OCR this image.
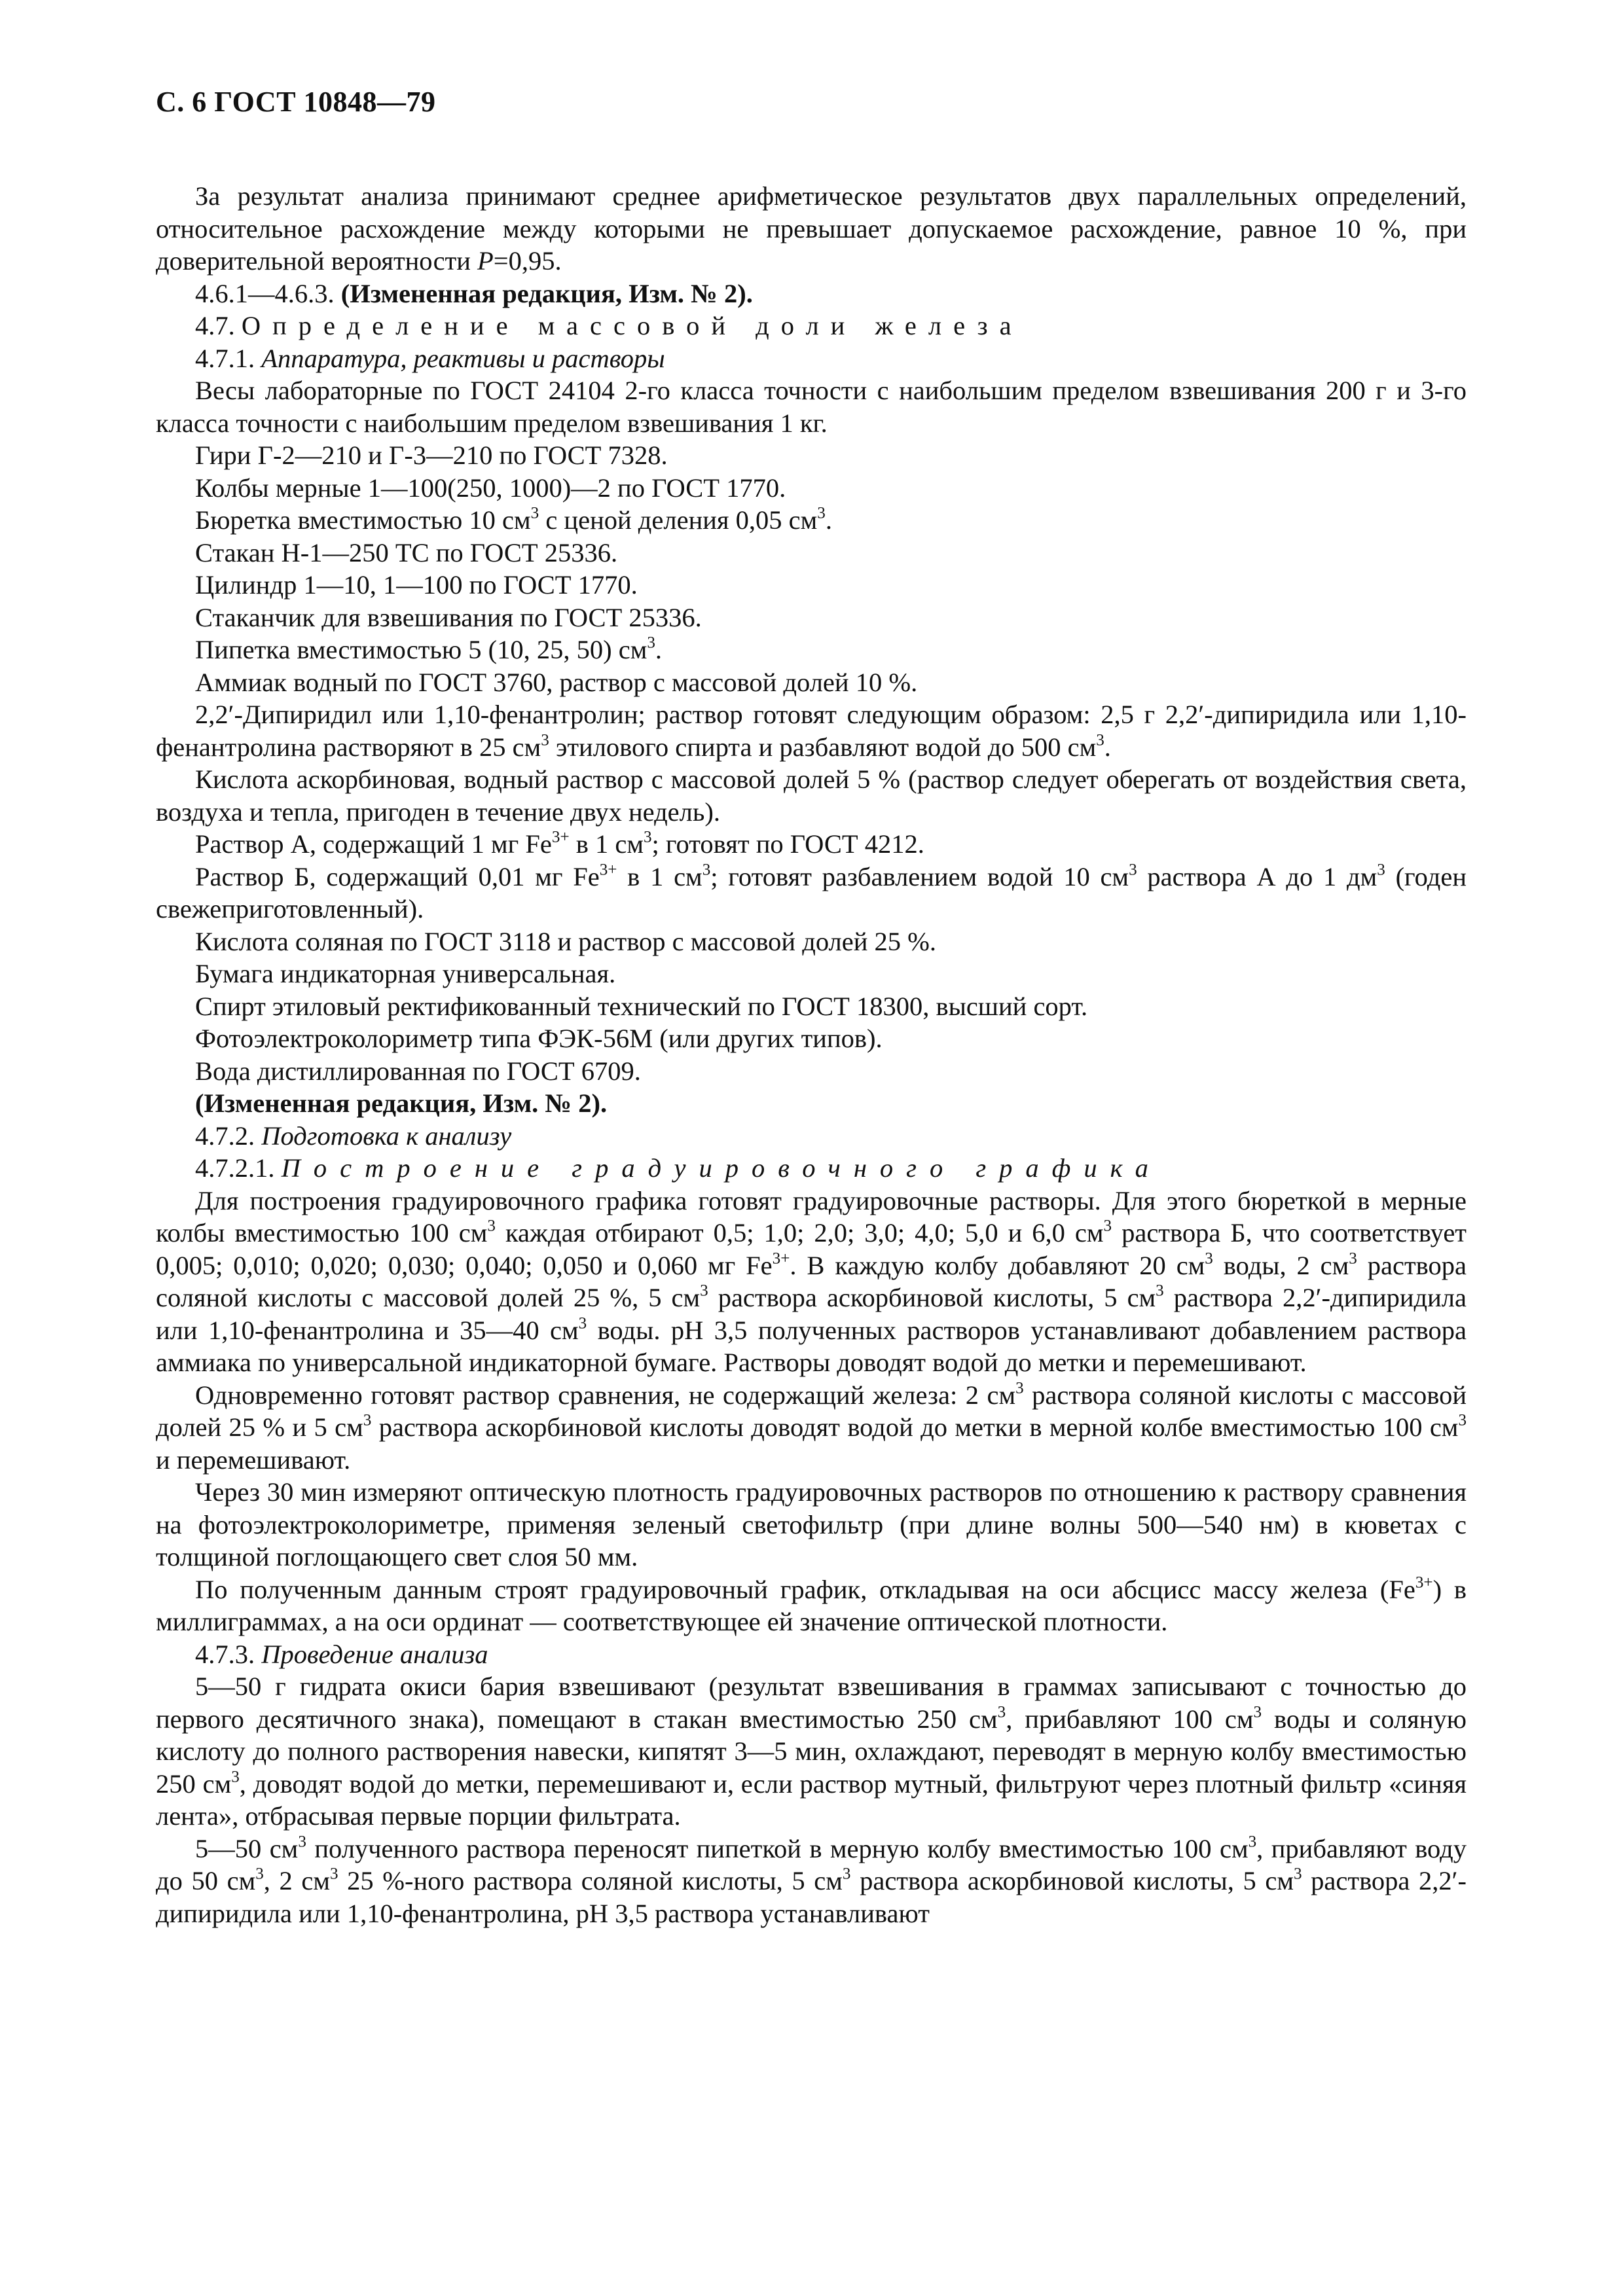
С. 6 ГОСТ 10848—79

За результат анализа принимают среднее арифметическое результатов двух параллельных определений, относительное расхождение между которыми не превышает допускаемое расхождение, равное 10 %, при доверительной вероятности P=0,95.

4.6.1—4.6.3. (Измененная редакция, Изм. № 2).

4.7. Определение массовой доли железа

4.7.1. Аппаратура, реактивы и растворы

Весы лабораторные по ГОСТ 24104 2-го класса точности с наибольшим пределом взвешивания 200 г и 3-го класса точности с наибольшим пределом взвешивания 1 кг.

Гири Г-2—210 и Г-3—210 по ГОСТ 7328.

Колбы мерные 1—100(250, 1000)—2 по ГОСТ 1770.

Бюретка вместимостью 10 $см^3$ с ценой деления 0,05 $см^3$.

Стакан Н-1—250 ТС по ГОСТ 25336.

Цилиндр 1—10, 1—100 по ГОСТ 1770.

Стаканчик для взвешивания по ГОСТ 25336.

Пипетка вместимостью 5 (10, 25, 50) $см^3$.

Аммиак водный по ГОСТ 3760, раствор с массовой долей 10 %.

2,2′-Дипиридил или 1,10-фенантролин; раствор готовят следующим образом: 2,5 г 2,2′-дипиридила или 1,10-фенантролина растворяют в 25 $см^3$ этилового спирта и разбавляют водой до 500 $см^3$.

Кислота аскорбиновая, водный раствор с массовой долей 5 % (раствор следует оберегать от воздействия света, воздуха и тепла, пригоден в течение двух недель).

Раствор А, содержащий 1 мг $Fe^{3+}$ в 1 $см^3$; готовят по ГОСТ 4212.

Раствор Б, содержащий 0,01 мг $Fe^{3+}$ в 1 $см^3$; готовят разбавлением водой 10 $см^3$ раствора А до 1 $дм^3$ (годен свежеприготовленный).

Кислота соляная по ГОСТ 3118 и раствор с массовой долей 25 %.

Бумага индикаторная универсальная.

Спирт этиловый ректификованный технический по ГОСТ 18300, высший сорт.

Фотоэлектроколориметр типа ФЭК-56М (или других типов).

Вода дистиллированная по ГОСТ 6709.

(Измененная редакция, Изм. № 2).

4.7.2. Подготовка к анализу

4.7.2.1. Построение градуировочного графика

Для построения градуировочного графика готовят градуировочные растворы. Для этого бюреткой в мерные колбы вместимостью 100 $см^3$ каждая отбирают 0,5; 1,0; 2,0; 3,0; 4,0; 5,0 и 6,0 $см^3$ раствора Б, что соответствует 0,005; 0,010; 0,020; 0,030; 0,040; 0,050 и 0,060 мг $Fe^{3+}$. В каждую колбу добавляют 20 $см^3$ воды, 2 $см^3$ раствора соляной кислоты с массовой долей 25 %, 5 $см^3$ раствора аскорбиновой кислоты, 5 $см^3$ раствора 2,2′-дипиридила или 1,10-фенантролина и 35—40 $см^3$ воды. pH 3,5 полученных растворов устанавливают добавлением раствора аммиака по универсальной индикаторной бумаге. Растворы доводят водой до метки и перемешивают.

Одновременно готовят раствор сравнения, не содержащий железа: 2 $см^3$ раствора соляной кислоты с массовой долей 25 % и 5 $см^3$ раствора аскорбиновой кислоты доводят водой до метки в мерной колбе вместимостью 100 $см^3$ и перемешивают.

Через 30 мин измеряют оптическую плотность градуировочных растворов по отношению к раствору сравнения на фотоэлектроколориметре, применяя зеленый светофильтр (при длине волны 500—540 нм) в кюветах с толщиной поглощающего свет слоя 50 мм.

По полученным данным строят градуировочный график, откладывая на оси абсцисс массу железа $(Fe^{3+})$ в миллиграммах, а на оси ординат — соответствующее ей значение оптической плотности.

4.7.3. Проведение анализа

5—50 г гидрата окиси бария взвешивают (результат взвешивания в граммах записывают с точностью до первого десятичного знака), помещают в стакан вместимостью 250 $см^3$, прибавляют 100 $см^3$ воды и соляную кислоту до полного растворения навески, кипятят 3—5 мин, охлаждают, переводят в мерную колбу вместимостью 250 $см^3$, доводят водой до метки, перемешивают и, если раствор мутный, фильтруют через плотный фильтр «синяя лента», отбрасывая первые порции фильтрата.

5—50 $см^3$ полученного раствора переносят пипеткой в мерную колбу вместимостью 100 $см^3$, прибавляют воду до 50 $см^3$, 2 $см^3$ 25 %-ного раствора соляной кислоты, 5 $см^3$ раствора аскорбиновой кислоты, 5 $см^3$ раствора 2,2′-дипиридила или 1,10-фенантролина, pH 3,5 раствора устанавливают
